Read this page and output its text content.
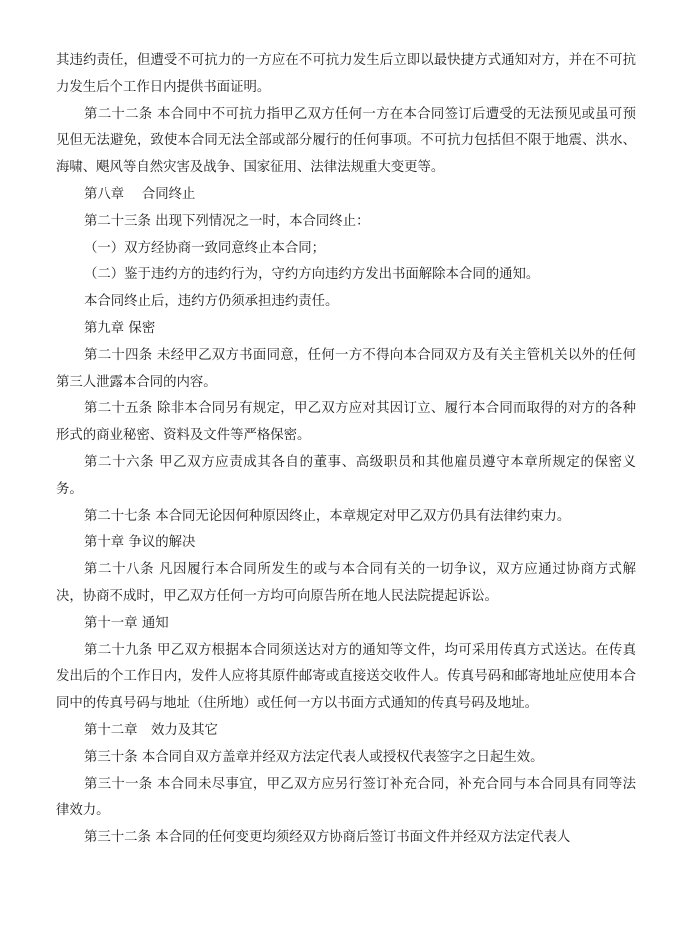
其违约责任，但遭受不可抗力的一方应在不可抗力发生后立即以最快捷方式通知对方，并在不可抗力发生后个工作日内提供书面证明。

第二十二条 本合同中不可抗力指甲乙双方任何一方在本合同签订后遭受的无法预见或虽可预见但无法避免，致使本合同无法全部或部分履行的任何事项。不可抗力包括但不限于地震、洪水、海啸、飓风等自然灾害及战争、国家征用、法律法规重大变更等。

第八章　 合同终止

第二十三条 出现下列情况之一时，本合同终止：

（一）双方经协商一致同意终止本合同；

（二）鉴于违约方的违约行为，守约方向违约方发出书面解除本合同的通知。

本合同终止后，违约方仍须承担违约责任。

第九章 保密

第二十四条 未经甲乙双方书面同意，任何一方不得向本合同双方及有关主管机关以外的任何第三人泄露本合同的内容。

第二十五条 除非本合同另有规定，甲乙双方应对其因订立、履行本合同而取得的对方的各种形式的商业秘密、资料及文件等严格保密。

第二十六条 甲乙双方应责成其各自的董事、高级职员和其他雇员遵守本章所规定的保密义务。

第二十七条 本合同无论因何种原因终止，本章规定对甲乙双方仍具有法律约束力。

第十章 争议的解决

第二十八条 凡因履行本合同所发生的或与本合同有关的一切争议，双方应通过协商方式解决，协商不成时，甲乙双方任何一方均可向原告所在地人民法院提起诉讼。

第十一章 通知

第二十九条 甲乙双方根据本合同须送达对方的通知等文件，均可采用传真方式送达。在传真发出后的个工作日内，发件人应将其原件邮寄或直接送交收件人。传真号码和邮寄地址应使用本合同中的传真号码与地址（住所地）或任何一方以书面方式通知的传真号码及地址。

第十二章　效力及其它

第三十条 本合同自双方盖章并经双方法定代表人或授权代表签字之日起生效。

第三十一条 本合同未尽事宜，甲乙双方应另行签订补充合同，补充合同与本合同具有同等法律效力。

第三十二条 本合同的任何变更均须经双方协商后签订书面文件并经双方法定代表人
